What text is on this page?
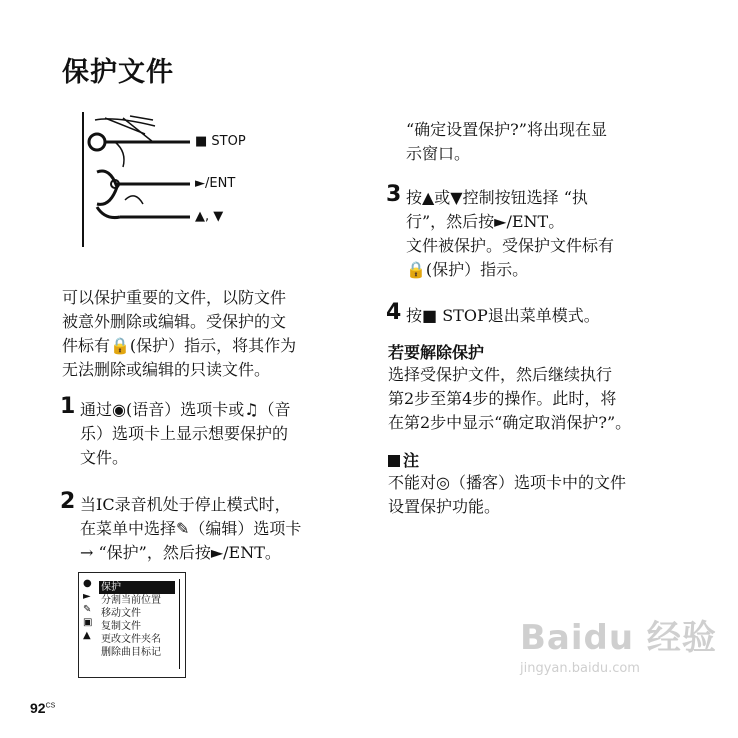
保护文件
■ STOP
►/ENT
▲, ▼
可以保护重要的文件，以防文件
被意外删除或编辑。受保护的文
件标有🔒(保护）指示，将其作为
无法删除或编辑的只读文件。
1 通过◉(语音）选项卡或♫（音
乐）选项卡上显示想要保护的
文件。
2 当IC录音机处于停止模式时，
在菜单中选择✎（编辑）选项卡
→ “保护”，然后按►/ENT。
●
►
✎
▣
▲
保护
分割当前位置
移动文件
复制文件
更改文件夹名
删除曲目标记
“确定设置保护?”将出现在显
示窗口。
3 按▲或▼控制按钮选择 “执
行”，然后按►/ENT。
文件被保护。受保护文件标有
🔒(保护）指示。
4 按■ STOP退出菜单模式。
若要解除保护
选择受保护文件，然后继续执行
第2步至第4步的操作。此时，将
在第2步中显示“确定取消保护?”。
注
不能对◎（播客）选项卡中的文件
设置保护功能。
Baidu 经验
jingyan.baidu.com
$92^{CS}$
